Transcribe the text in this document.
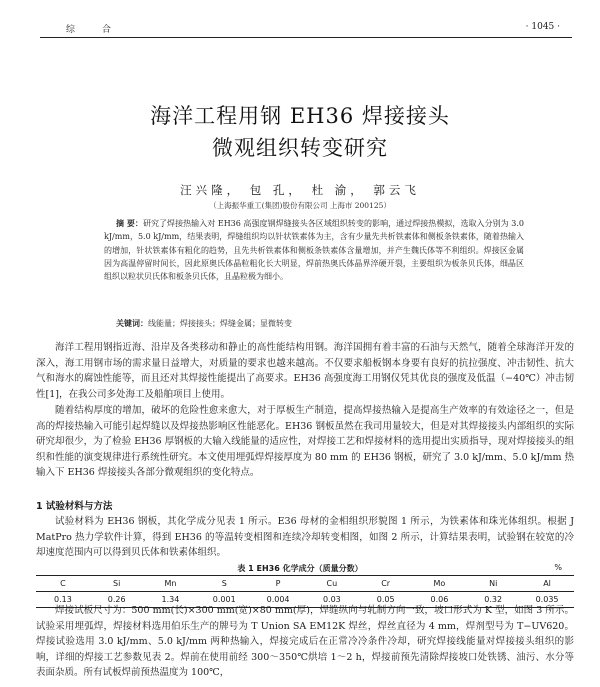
综 合	· 1045 ·
海洋工程用钢 EH36 焊接接头
微观组织转变研究
汪兴隆， 包 孔， 杜 渝， 郭云飞
（上海振华重工(集团)股份有限公司 上海市 200125）
摘 要：研究了焊接热输入对 EH36 高强度钢焊缝接头各区域组织转变的影响，通过焊接热模拟，选取入分别为 3.0 kJ/mm，5.0 kJ/mm，结果表明，焊缝组织均以针状铁素体为主，含有少量先共析铁素体和侧板条铁素体，随着热输入的增加，针状铁素体有粗化的趋势，且先共析铁素体和侧板条铁素体含量增加，并产生魏氏体等不利组织。焊接区金属因为高温停留时间长，因此原奥氏体晶粒粗化长大明显，焊前热奥氏体晶界淬硬开裂，主要组织为板条贝氏体，细晶区组织以粒状贝氏体和板条贝氏体，且晶粒极为细小。
关键词：线能量；焊接接头；焊缝金属；显微转变
海洋工程用钢指近海、沿岸及各类移动和静止的高性能结构用钢。海洋国拥有着丰富的石油与天然气，随着全球海洋开发的深入，海工用钢市场的需求量日益增大，对质量的要求也越来越高。不仅要求船板钢本身要有良好的抗拉强度、冲击韧性、抗大气和海水的腐蚀性能等，而且还对其焊接性能提出了高要求。EH36 高强度海工用钢仅凭其优良的强度及低温（−40℃）冲击韧性[1]，在我公司多处海工及船舶项目上使用。
随着结构厚度的增加，破坏的危险性愈来愈大，对于厚板生产制造，提高焊接热输入是提高生产效率的有效途径之一，但是高的焊接热输入可能引起焊缝以及焊接热影响区性能恶化。EH36 钢板虽然在我司用量较大，但是对其焊接接头内部组织的实际研究却很少，为了检验 EH36 厚钢板的大输入线能量的适应性，对焊接工艺和焊接材料的选用提出实质指导，现对焊接接头的组织和性能的演变规律进行系统性研究。本文使用埋弧焊焊接厚度为 80 mm 的 EH36 钢板，研究了 3.0 kJ/mm、5.0 kJ/mm 热输入下 EH36 焊接接头各部分微观组织的变化特点。
1 试验材料与方法
试验材料为 EH36 钢板，其化学成分见表 1 所示。E36 母材的金相组织形貌图 1 所示，为铁素体和珠光体组织。根据 J MatPro 热力学软件计算，得到 EH36 的等温转变相图和连续冷却转变相图，如图 2 所示，计算结果表明，试验钢在较宽的冷却速度范围内可以得到贝氏体和铁素体组织。
表 1 EH36 化学成分（质量分数）	%
C	Si	Mn	S	P	Cu	Cr	Mo	Ni	Al
0.13	0.26	1.34	0.001	0.004	0.03	0.05	0.06	0.32	0.035
焊接试板尺寸为：500 mm(长)×300 mm(宽)×80 mm(厚)，焊缝纵向与轧制方向一致，坡口形式为 K 型，如图 3 所示。试验采用埋弧焊，焊接材料选用伯乐生产的牌号为 T Union SA EM12K 焊丝，焊丝直径为 4 mm，焊剂型号为 T−UV620。焊接试验选用 3.0 kJ/mm、5.0 kJ/mm 两种热输入，焊接完成后在正常冷冷条件冷却，研究焊接线能量对焊接接头组织的影响，详细的焊接工艺参数见表 2。焊前在使用前经 300～350℃烘培 1～2 h，焊接前预先清除焊接坡口处铁锈、油污、水分等表面杂质。所有试板焊前预热温度为 100℃，
